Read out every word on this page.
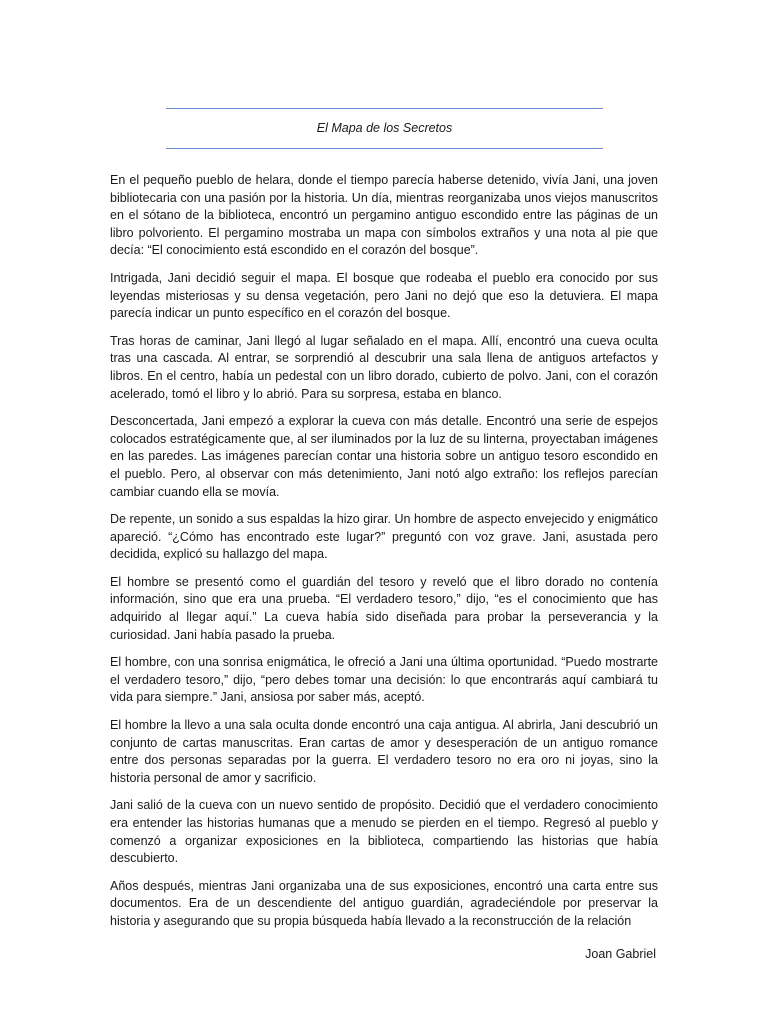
El Mapa de los Secretos

En el pequeño pueblo de helara, donde el tiempo parecía haberse detenido, vivía Jani, una joven bibliotecaria con una pasión por la historia. Un día, mientras reorganizaba unos viejos manuscritos en el sótano de la biblioteca, encontró un pergamino antiguo escondido entre las páginas de un libro polvoriento. El pergamino mostraba un mapa con símbolos extraños y una nota al pie que decía: “El conocimiento está escondido en el corazón del bosque”.

Intrigada, Jani decidió seguir el mapa. El bosque que rodeaba el pueblo era conocido por sus leyendas misteriosas y su densa vegetación, pero Jani no dejó que eso la detuviera. El mapa parecía indicar un punto específico en el corazón del bosque.

Tras horas de caminar, Jani llegó al lugar señalado en el mapa. Allí, encontró una cueva oculta tras una cascada. Al entrar, se sorprendió al descubrir una sala llena de antiguos artefactos y libros. En el centro, había un pedestal con un libro dorado, cubierto de polvo. Jani, con el corazón acelerado, tomó el libro y lo abrió. Para su sorpresa, estaba en blanco.

Desconcertada, Jani empezó a explorar la cueva con más detalle. Encontró una serie de espejos colocados estratégicamente que, al ser iluminados por la luz de su linterna, proyectaban imágenes en las paredes. Las imágenes parecían contar una historia sobre un antiguo tesoro escondido en el pueblo. Pero, al observar con más detenimiento, Jani notó algo extraño: los reflejos parecían cambiar cuando ella se movía.

De repente, un sonido a sus espaldas la hizo girar. Un hombre de aspecto envejecido y enigmático apareció. “¿Cómo has encontrado este lugar?” preguntó con voz grave. Jani, asustada pero decidida, explicó su hallazgo del mapa.

El hombre se presentó como el guardián del tesoro y reveló que el libro dorado no contenía información, sino que era una prueba. “El verdadero tesoro,” dijo, “es el conocimiento que has adquirido al llegar aquí.” La cueva había sido diseñada para probar la perseverancia y la curiosidad. Jani había pasado la prueba.

El hombre, con una sonrisa enigmática, le ofreció a Jani una última oportunidad. “Puedo mostrarte el verdadero tesoro,” dijo, “pero debes tomar una decisión: lo que encontrarás aquí cambiará tu vida para siempre.” Jani, ansiosa por saber más, aceptó.

El hombre la llevo a una sala oculta donde encontró una caja antigua. Al abrirla, Jani descubrió un conjunto de cartas manuscritas. Eran cartas de amor y desesperación de un antiguo romance entre dos personas separadas por la guerra. El verdadero tesoro no era oro ni joyas, sino la historia personal de amor y sacrificio.

Jani salió de la cueva con un nuevo sentido de propósito. Decidió que el verdadero conocimiento era entender las historias humanas que a menudo se pierden en el tiempo. Regresó al pueblo y comenzó a organizar exposiciones en la biblioteca, compartiendo las historias que había descubierto.

Años después, mientras Jani organizaba una de sus exposiciones, encontró una carta entre sus documentos. Era de un descendiente del antiguo guardián, agradeciéndole por preservar la historia y asegurando que su propia búsqueda había llevado a la reconstrucción de la relación

Joan Gabriel
